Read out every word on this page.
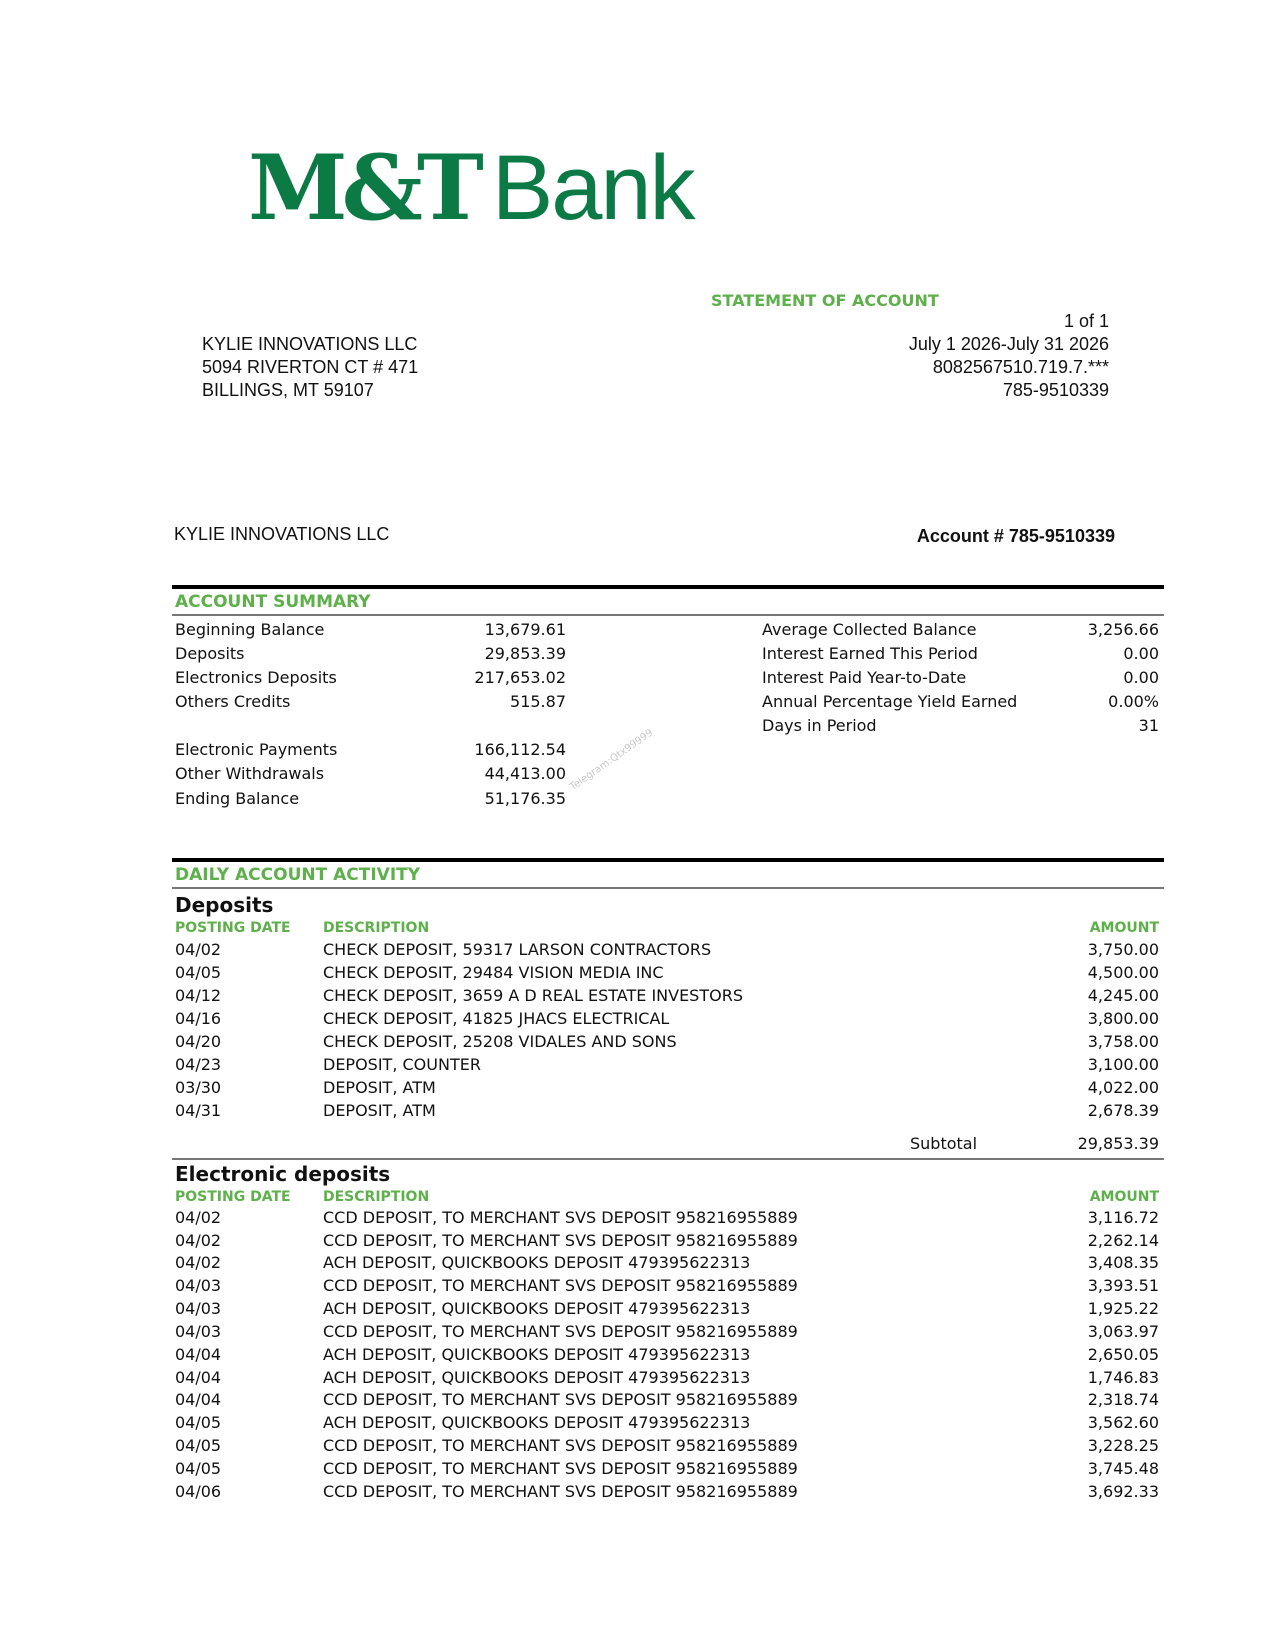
M&T Bank
STATEMENT OF ACCOUNT
KYLIE INNOVATIONS LLC
5094 RIVERTON CT # 471
BILLINGS, MT 59107
1 of 1
July 1 2026-July 31 2026
8082567510.719.7.***
785-9510339
KYLIE INNOVATIONS LLC	Account # 785-9510339
ACCOUNT SUMMARY
Beginning Balance	13,679.61
Deposits	29,853.39
Electronics Deposits	217,653.02
Others Credits	515.87
Electronic Payments	166,112.54
Other Withdrawals	44,413.00
Ending Balance	51,176.35
Average Collected Balance	3,256.66
Interest Earned This Period	0.00
Interest Paid Year-to-Date	0.00
Annual Percentage Yield Earned	0.00%
Days in Period	31
Telegram:Qtx99999
DAILY ACCOUNT ACTIVITY
Deposits
POSTING DATE DESCRIPTION	AMOUNT
04/02	CHECK DEPOSIT, 59317 LARSON CONTRACTORS	3,750.00
04/05	CHECK DEPOSIT, 29484 VISION MEDIA INC	4,500.00
04/12	CHECK DEPOSIT, 3659 A D REAL ESTATE INVESTORS	4,245.00
04/16	CHECK DEPOSIT, 41825 JHACS ELECTRICAL	3,800.00
04/20	CHECK DEPOSIT, 25208 VIDALES AND SONS	3,758.00
04/23	DEPOSIT, COUNTER	3,100.00
03/30	DEPOSIT, ATM	4,022.00
04/31	DEPOSIT, ATM	2,678.39
Subtotal	29,853.39
Electronic deposits
POSTING DATE DESCRIPTION	AMOUNT
04/02	CCD DEPOSIT, TO MERCHANT SVS DEPOSIT 958216955889	3,116.72
04/02	CCD DEPOSIT, TO MERCHANT SVS DEPOSIT 958216955889	2,262.14
04/02	ACH DEPOSIT, QUICKBOOKS DEPOSIT 479395622313	3,408.35
04/03	CCD DEPOSIT, TO MERCHANT SVS DEPOSIT 958216955889	3,393.51
04/03	ACH DEPOSIT, QUICKBOOKS DEPOSIT 479395622313	1,925.22
04/03	CCD DEPOSIT, TO MERCHANT SVS DEPOSIT 958216955889	3,063.97
04/04	ACH DEPOSIT, QUICKBOOKS DEPOSIT 479395622313	2,650.05
04/04	ACH DEPOSIT, QUICKBOOKS DEPOSIT 479395622313	1,746.83
04/04	CCD DEPOSIT, TO MERCHANT SVS DEPOSIT 958216955889	2,318.74
04/05	ACH DEPOSIT, QUICKBOOKS DEPOSIT 479395622313	3,562.60
04/05	CCD DEPOSIT, TO MERCHANT SVS DEPOSIT 958216955889	3,228.25
04/05	CCD DEPOSIT, TO MERCHANT SVS DEPOSIT 958216955889	3,745.48
04/06	CCD DEPOSIT, TO MERCHANT SVS DEPOSIT 958216955889	3,692.33
